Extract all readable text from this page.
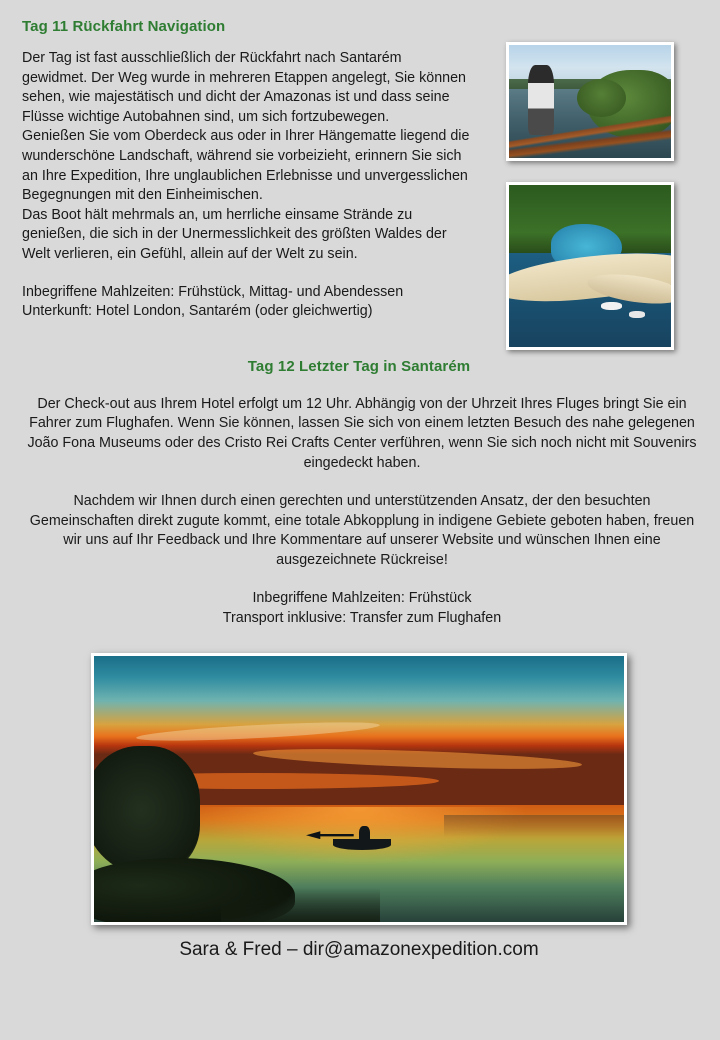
Tag 11 Rückfahrt Navigation

Der Tag ist fast ausschließlich der Rückfahrt nach Santarém gewidmet. Der Weg wurde in mehreren Etappen angelegt, Sie können sehen, wie majestätisch und dicht der Amazonas ist und dass seine Flüsse wichtige Autobahnen sind, um sich fortzubewegen.

Genießen Sie vom Oberdeck aus oder in Ihrer Hängematte liegend die wunderschöne Landschaft, während sie vorbeizieht, erinnern Sie sich an Ihre Expedition, Ihre unglaublichen Erlebnisse und unvergesslichen Begegnungen mit den Einheimischen.

Das Boot hält mehrmals an, um herrliche einsame Strände zu genießen, die sich in der Unermesslichkeit des größten Waldes der Welt verlieren, ein Gefühl, allein auf der Welt zu sein.

Inbegriffene Mahlzeiten: Frühstück, Mittag- und Abendessen

Unterkunft: Hotel London, Santarém (oder gleichwertig)

Tag 12 Letzter Tag in Santarém

Der Check-out aus Ihrem Hotel erfolgt um 12 Uhr. Abhängig von der Uhrzeit Ihres Fluges bringt Sie ein Fahrer zum Flughafen. Wenn Sie können, lassen Sie sich von einem letzten Besuch des nahe gelegenen João Fona Museums oder des Cristo Rei Crafts Center verführen, wenn Sie sich noch nicht mit Souvenirs eingedeckt haben.

Nachdem wir Ihnen durch einen gerechten und unterstützenden Ansatz, der den besuchten Gemeinschaften direkt zugute kommt, eine totale Abkopplung in indigene Gebiete geboten haben, freuen wir uns auf Ihr Feedback und Ihre Kommentare auf unserer Website und wünschen Ihnen eine ausgezeichnete Rückreise!

Inbegriffene Mahlzeiten: Frühstück

Transport inklusive: Transfer zum Flughafen

Sara & Fred – dir@amazonexpedition.com
